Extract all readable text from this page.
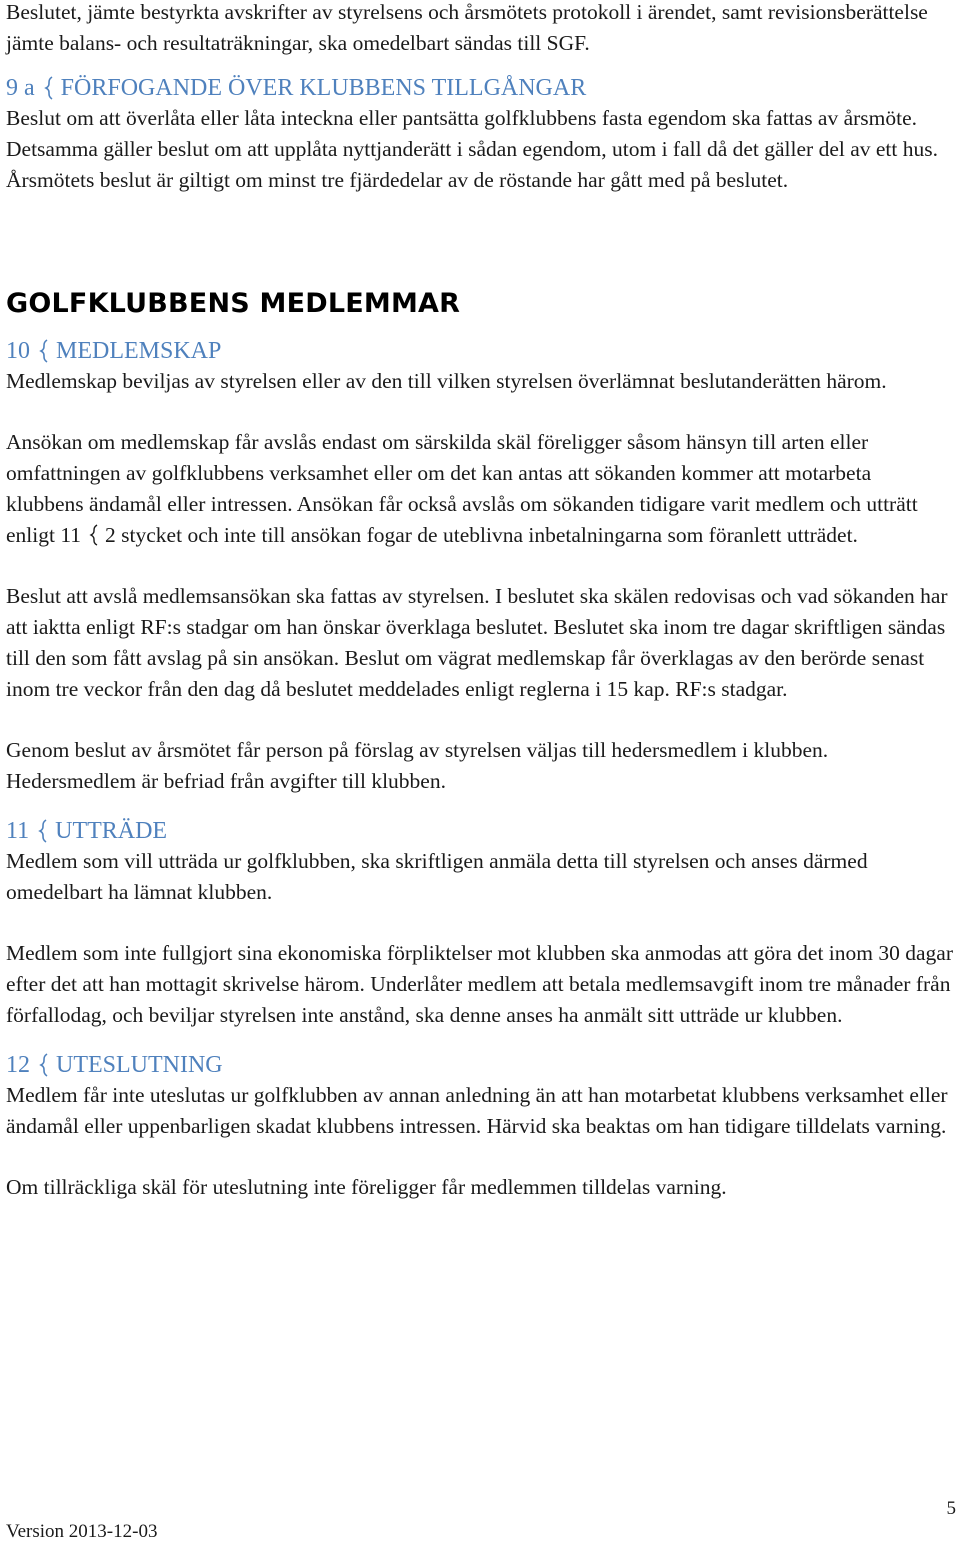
Beslutet, jämte bestyrkta avskrifter av styrelsens och årsmötets protokoll i ärendet, samt revisionsberättelse jämte balans- och resultaträkningar, ska omedelbart sändas till SGF.

9 a FÖRFOGANDE ÖVER KLUBBENS TILLGÅNGAR

Beslut om att överlåta eller låta inteckna eller pantsätta golfklubbens fasta egendom ska fattas av årsmöte. Detsamma gäller beslut om att upplåta nyttjanderätt i sådan egendom, utom i fall då det gäller del av ett hus. Årsmötets beslut är giltigt om minst tre fjärdedelar av de röstande har gått med på beslutet.

GOLFKLUBBENS MEDLEMMAR
10 MEDLEMSKAP

Medlemskap beviljas av styrelsen eller av den till vilken styrelsen överlämnat beslutanderätten härom.

Ansökan om medlemskap får avslås endast om särskilda skäl föreligger såsom hänsyn till arten eller omfattningen av golfklubbens verksamhet eller om det kan antas att sökanden kommer att motarbeta klubbens ändamål eller intressen. Ansökan får också avslås om sökanden tidigare varit medlem och utträtt enligt 11 2 stycket och inte till ansökan fogar de uteblivna inbetalningarna som föranlett utträdet.

Beslut att avslå medlemsansökan ska fattas av styrelsen. I beslutet ska skälen redovisas och vad sökanden har att iaktta enligt RF:s stadgar om han önskar överklaga beslutet. Beslutet ska inom tre dagar skriftligen sändas till den som fått avslag på sin ansökan. Beslut om vägrat medlemskap får överklagas av den berörde senast inom tre veckor från den dag då beslutet meddelades enligt reglerna i 15 kap. RF:s stadgar.

Genom beslut av årsmötet får person på förslag av styrelsen väljas till hedersmedlem i klubben. Hedersmedlem är befriad från avgifter till klubben.

11 UTTRÄDE

Medlem som vill utträda ur golfklubben, ska skriftligen anmäla detta till styrelsen och anses därmed omedelbart ha lämnat klubben.

Medlem som inte fullgjort sina ekonomiska förpliktelser mot klubben ska anmodas att göra det inom 30 dagar efter det att han mottagit skrivelse härom. Underlåter medlem att betala medlemsavgift inom tre månader från förfallodag, och beviljar styrelsen inte anstånd, ska denne anses ha anmält sitt utträde ur klubben.

12 UTESLUTNING

Medlem får inte uteslutas ur golfklubben av annan anledning än att han motarbetat klubbens verksamhet eller ändamål eller uppenbarligen skadat klubbens intressen. Härvid ska beaktas om han tidigare tilldelats varning.

Om tillräckliga skäl för uteslutning inte föreligger får medlemmen tilldelas varning.

Version 2013-12-03
5
